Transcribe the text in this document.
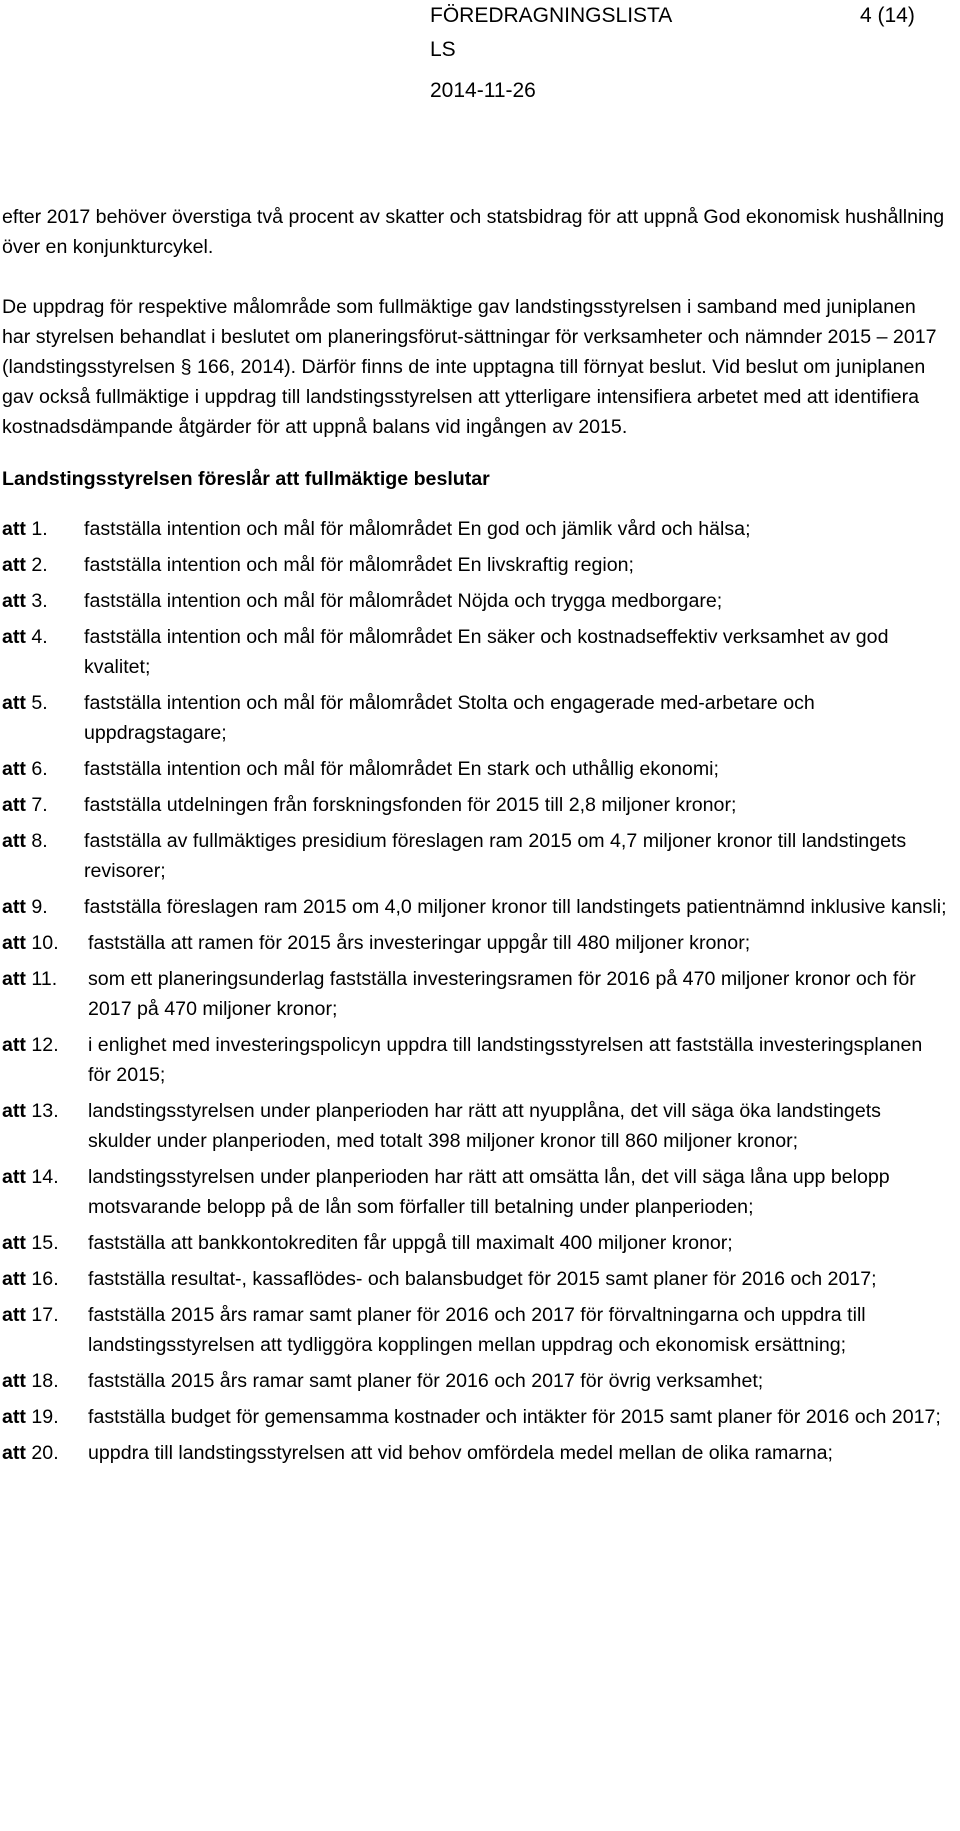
FÖREDRAGNINGSLISTA	4 (14)
LS
2014-11-26

efter 2017 behöver överstiga två procent av skatter och statsbidrag för att uppnå God ekonomisk hushållning över en konjunkturcykel.

De uppdrag för respektive målområde som fullmäktige gav landstingsstyrelsen i samband med juniplanen har styrelsen behandlat i beslutet om planeringsförut-sättningar för verksamheter och nämnder 2015 – 2017 (landstingsstyrelsen § 166, 2014). Därför finns de inte upptagna till förnyat beslut. Vid beslut om juniplanen gav också fullmäktige i uppdrag till landstingsstyrelsen att ytterligare intensifiera arbetet med att identifiera kostnadsdämpande åtgärder för att uppnå balans vid ingången av 2015.

Landstingsstyrelsen föreslår att fullmäktige beslutar

att 1.	fastställa intention och mål för målområdet En god och jämlik vård och hälsa;
att 2.	fastställa intention och mål för målområdet En livskraftig region;
att 3.	fastställa intention och mål för målområdet Nöjda och trygga medborgare;
att 4.	fastställa intention och mål för målområdet En säker och kostnadseffektiv verksamhet av god kvalitet;
att 5.	fastställa intention och mål för målområdet Stolta och engagerade med-arbetare och uppdragstagare;
att 6.	fastställa intention och mål för målområdet En stark och uthållig ekonomi;
att 7.	fastställa utdelningen från forskningsfonden för 2015 till 2,8 miljoner kronor;
att 8.	fastställa av fullmäktiges presidium föreslagen ram 2015 om 4,7 miljoner kronor till landstingets revisorer;
att 9.	fastställa föreslagen ram 2015 om 4,0 miljoner kronor till landstingets patientnämnd inklusive kansli;
att 10.	fastställa att ramen för 2015 års investeringar uppgår till 480 miljoner kronor;
att 11.	som ett planeringsunderlag fastställa investeringsramen för 2016 på 470 miljoner kronor och för 2017 på 470 miljoner kronor;
att 12.	i enlighet med investeringspolicyn uppdra till landstingsstyrelsen att fastställa investeringsplanen för 2015;
att 13.	landstingsstyrelsen under planperioden har rätt att nyupplåna, det vill säga öka landstingets skulder under planperioden, med totalt 398 miljoner kronor till 860 miljoner kronor;
att 14.	landstingsstyrelsen under planperioden har rätt att omsätta lån, det vill säga låna upp belopp motsvarande belopp på de lån som förfaller till betalning under planperioden;
att 15.	fastställa att bankkontokrediten får uppgå till maximalt 400 miljoner kronor;
att 16.	fastställa resultat-, kassaflödes- och balansbudget för 2015 samt planer för 2016 och 2017;
att 17.	fastställa 2015 års ramar samt planer för 2016 och 2017 för förvaltningarna och uppdra till landstingsstyrelsen att tydliggöra kopplingen mellan uppdrag och ekonomisk ersättning;
att 18.	fastställa 2015 års ramar samt planer för 2016 och 2017 för övrig verksamhet;
att 19.	fastställa budget för gemensamma kostnader och intäkter för 2015 samt planer för 2016 och 2017;
att 20.	uppdra till landstingsstyrelsen att vid behov omfördela medel mellan de olika ramarna;
